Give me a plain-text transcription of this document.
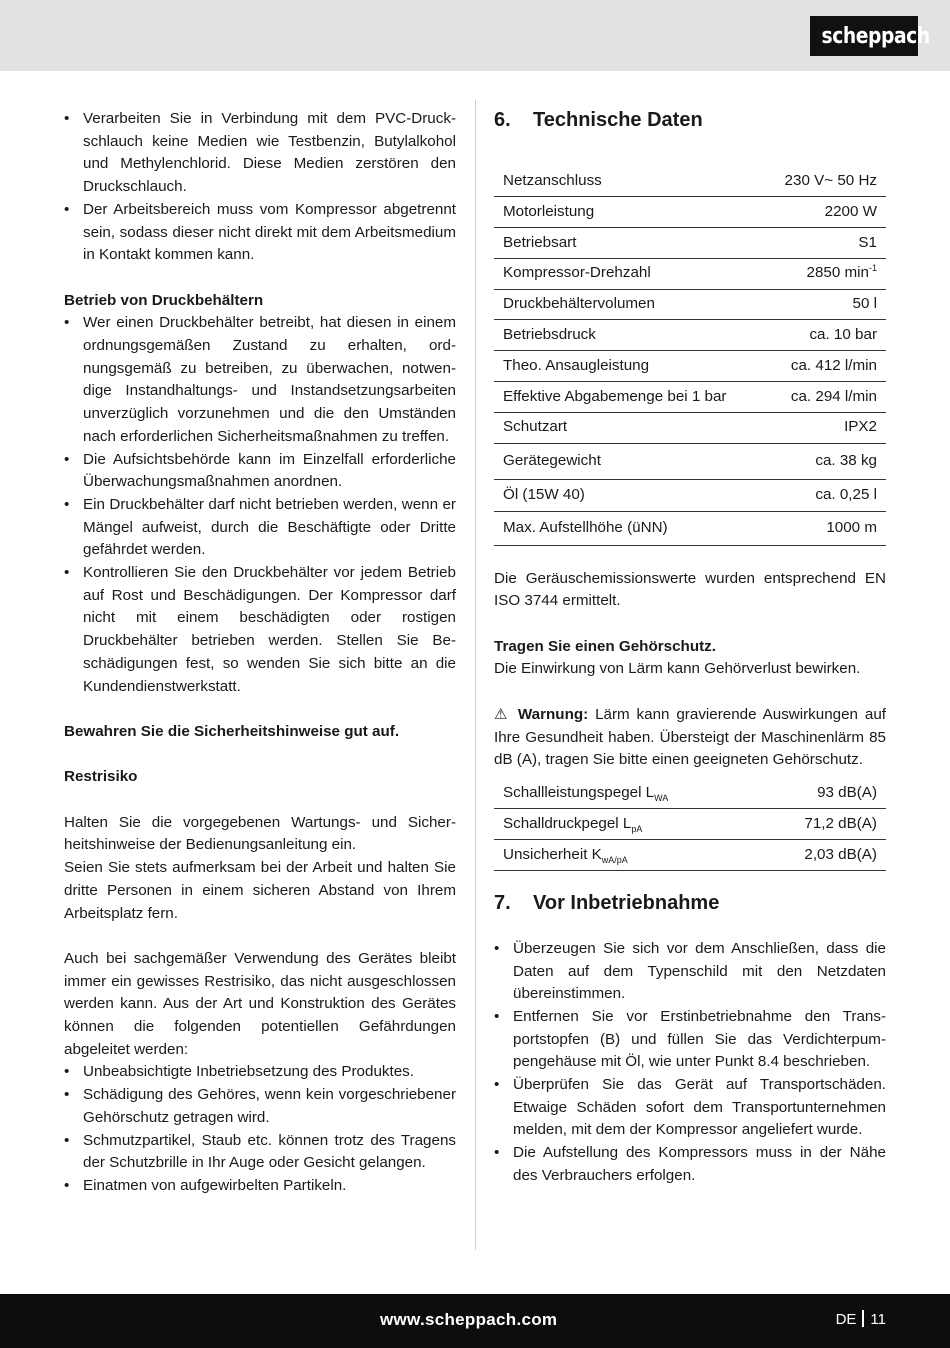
scheppach
• Verarbeiten Sie in Verbindung mit dem PVC-Druckschlauch keine Medien wie Testbenzin, Butylalkohol und Methylenchlorid. Diese Medien zerstören den Druckschlauch.
• Der Arbeitsbereich muss vom Kompressor abgetrennt sein, sodass dieser nicht direkt mit dem Arbeitsmedium in Kontakt kommen kann.

Betrieb von Druckbehältern

• Wer einen Druckbehälter betreibt, hat diesen in einem ordnungsgemäßen Zustand zu erhalten, ordnungsgemäß zu betreiben, zu überwachen, notwendige Instandhaltungs- und Instandsetzungsarbeiten unverzüglich vorzunehmen und die den Umständen nach erforderlichen Sicherheitsmaßnahmen zu treffen.
• Die Aufsichtsbehörde kann im Einzelfall erforderliche Überwachungsmaßnahmen anordnen.
• Ein Druckbehälter darf nicht betrieben werden, wenn er Mängel aufweist, durch die Beschäftigte oder Dritte gefährdet werden.
• Kontrollieren Sie den Druckbehälter vor jedem Betrieb auf Rost und Beschädigungen. Der Kompressor darf nicht mit einem beschädigten oder rostigen Druckbehälter betrieben werden. Stellen Sie Beschädigungen fest, so wenden Sie sich bitte an die Kundendienstwerkstatt.

Bewahren Sie die Sicherheitshinweise gut auf.

Restrisiko

Halten Sie die vorgegebenen Wartungs- und Sicherheitshinweise der Bedienungsanleitung ein.

Seien Sie stets aufmerksam bei der Arbeit und halten Sie dritte Personen in einem sicheren Abstand von Ihrem Arbeitsplatz fern.

Auch bei sachgemäßer Verwendung des Gerätes bleibt immer ein gewisses Restrisiko, das nicht ausgeschlossen werden kann. Aus der Art und Konstruktion des Gerätes können die folgenden potentiellen Gefährdungen abgeleitet werden:

• Unbeabsichtigte Inbetriebsetzung des Produktes.
• Schädigung des Gehöres, wenn kein vorgeschriebener Gehörschutz getragen wird.
• Schmutzpartikel, Staub etc. können trotz des Tragens der Schutzbrille in Ihr Auge oder Gesicht gelangen.
• Einatmen von aufgewirbelten Partikeln.
6. Technische Daten
Netzanschluss	230 V~ 50 Hz
Motorleistung	2200 W
Betriebsart	S1
Kompressor-Drehzahl	2850 $\min^{-1}$
Druckbehältervolumen	50 l
Betriebsdruck	ca. 10 bar
Theo. Ansaugleistung	ca. 412 l/min
Effektive Abgabemenge bei 1 bar	ca. 294 l/min
Schutzart	IPX2
Gerätegewicht	ca. 38 kg
Öl (15W 40)	ca. 0,25 l
Max. Aufstellhöhe (üNN)	1000 m

Die Geräuschemissionswerte wurden entsprechend EN ISO 3744 ermittelt.

Tragen Sie einen Gehörschutz.

Die Einwirkung von Lärm kann Gehörverlust bewirken.

⚠ Warnung: Lärm kann gravierende Auswirkungen auf Ihre Gesundheit haben. Übersteigt der Maschinenlärm 85 dB (A), tragen Sie bitte einen geeigneten Gehörschutz.

Schallleistungspegel $L_{WA}$	93 dB(A)
Schalldruckpegel $L_{pA}$	71,2 dB(A)
Unsicherheit $K_{wA/pA}$	2,03 dB(A)
7. Vor Inbetriebnahme
• Überzeugen Sie sich vor dem Anschließen, dass die Daten auf dem Typenschild mit den Netzdaten übereinstimmen.
• Entfernen Sie vor Erstinbetriebnahme den Transportstopfen (B) und füllen Sie das Verdichterpumpengehäuse mit Öl, wie unter Punkt 8.4 beschrieben.
• Überprüfen Sie das Gerät auf Transportschäden. Etwaige Schäden sofort dem Transportunternehmen melden, mit dem der Kompressor angeliefert wurde.
• Die Aufstellung des Kompressors muss in der Nähe des Verbrauchers erfolgen.
www.scheppach.com	DE 11
